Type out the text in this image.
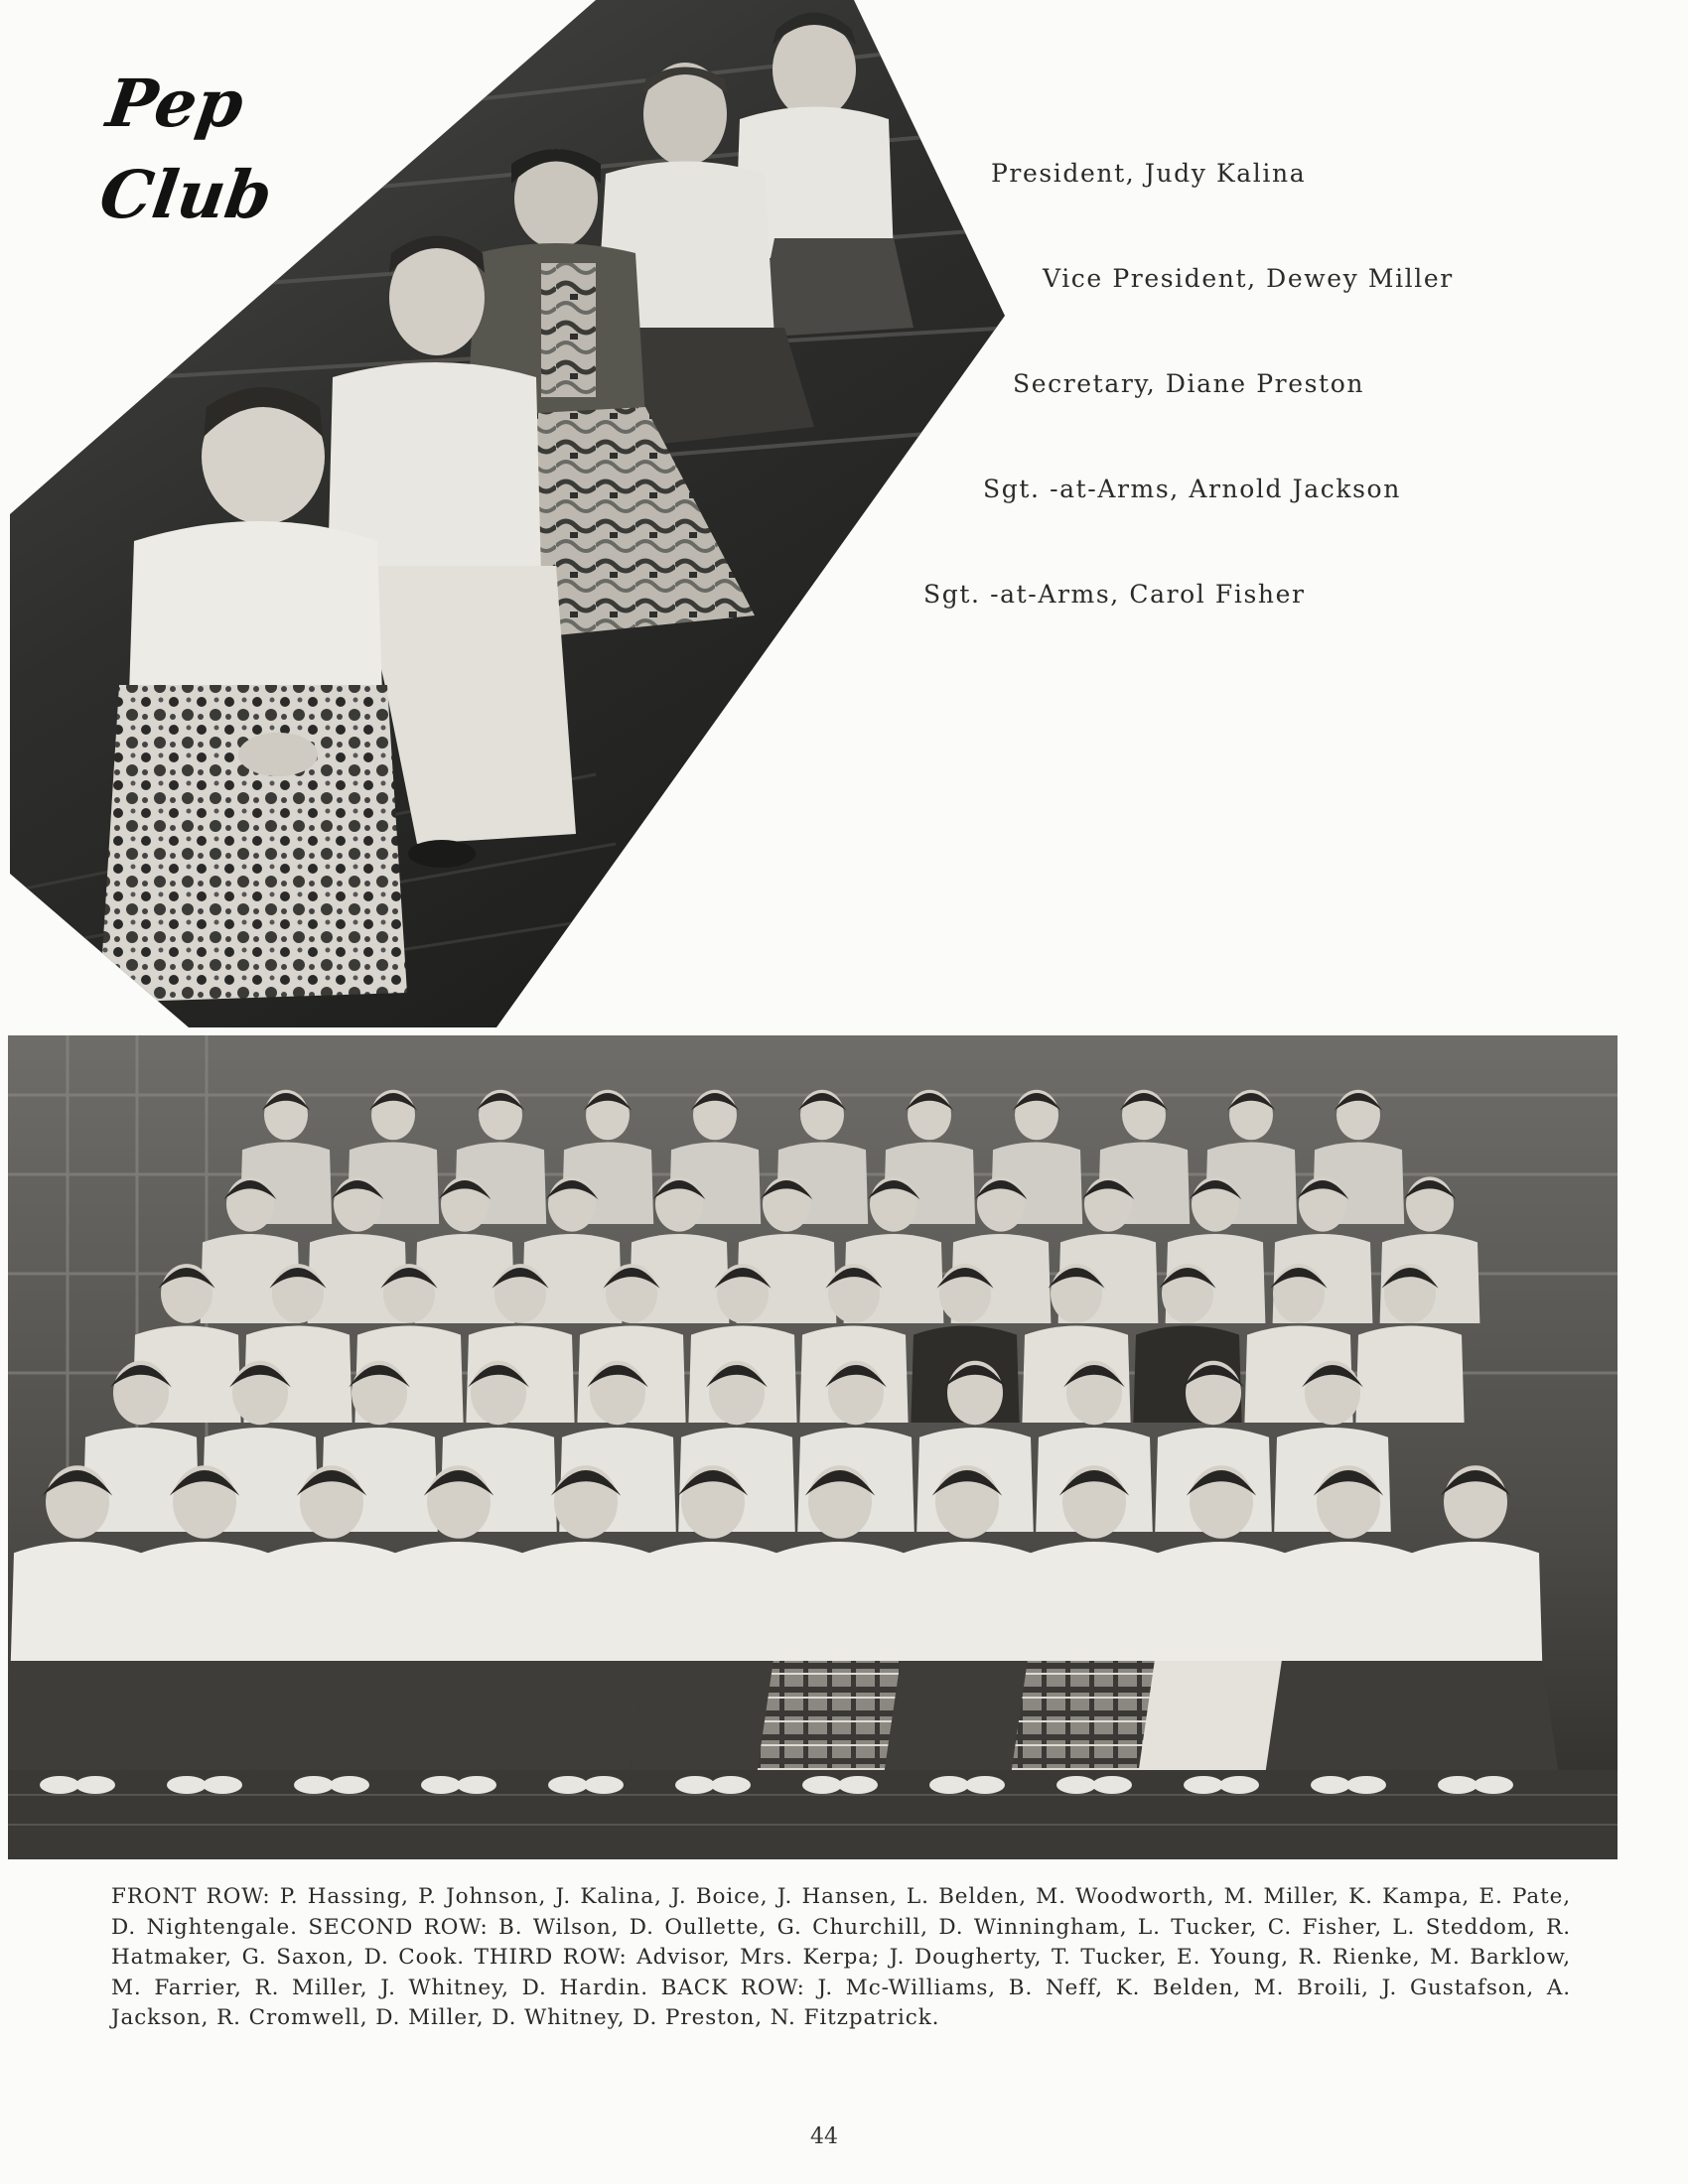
Pep
Club	President, Judy Kalina
Vice President, Dewey Miller
Secretary, Diane Preston
Sgt. -at-Arms, Arnold Jackson
Sgt. -at-Arms, Carol Fisher
FRONT ROW: P. Hassing, P. Johnson, J. Kalina, J. Boice, J. Hansen, L. Belden, M. Woodworth, M. Miller, K. Kampa, E. Pate, D. Nightengale. SECOND ROW: B. Wilson, D. Oullette, G. Churchill, D. Winningham, L. Tucker, C. Fisher, L. Steddom, R. Hatmaker, G. Saxon, D. Cook. THIRD ROW: Advisor, Mrs. Kerpa; J. Dougherty, T. Tucker, E. Young, R. Rienke, M. Barklow, M. Farrier, R. Miller, J. Whitney, D. Hardin. BACK ROW: J. Mc-Williams, B. Neff, K. Belden, M. Broili, J. Gustafson, A. Jackson, R. Cromwell, D. Miller, D. Whitney, D. Preston, N. Fitzpatrick.
44
